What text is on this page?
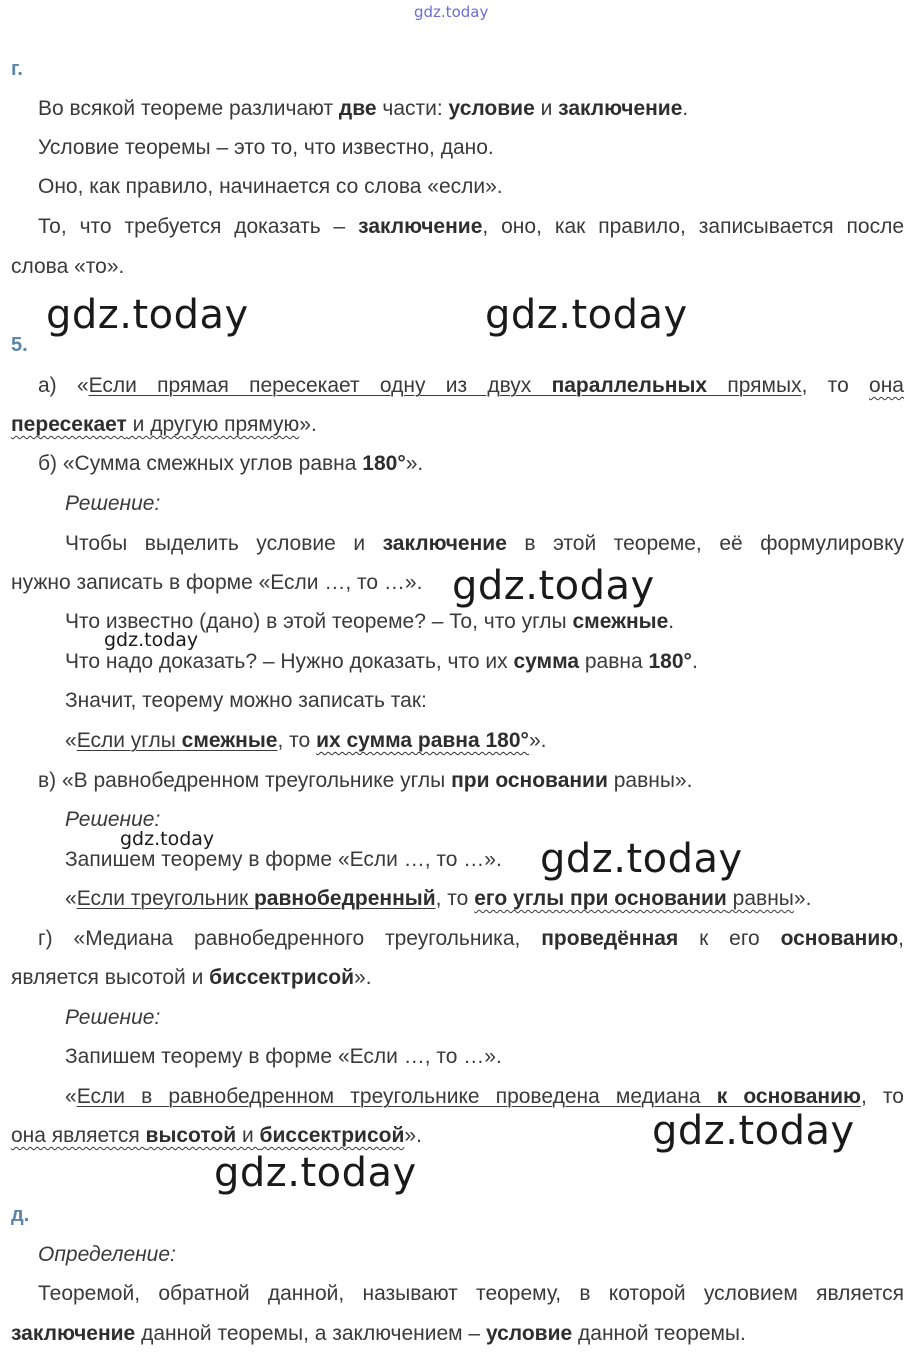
gdz.today
gdz.today	gdz.today
gdz.today
gdz.today
gdz.today	gdz.today
gdz.today
gdz.today
г.
Во всякой теореме различают две части: условие и заключение.
Условие теоремы – это то, что известно, дано.
Оно, как правило, начинается со слова «если».
То, что требуется доказать – заключение, оно, как правило, записывается после
слова «то».
5.
а) «Если прямая пересекает одну из двух параллельных прямых, то она
пересекает и другую прямую».
б) «Сумма смежных углов равна 180°».
Решение:
Чтобы выделить условие и заключение в этой теореме, её формулировку
нужно записать в форме «Если …, то …».
Что известно (дано) в этой теореме? – То, что углы смежные.
Что надо доказать? – Нужно доказать, что их сумма равна 180°.
Значит, теорему можно записать так:
«Если углы смежные, то их сумма равна 180°».
в) «В равнобедренном треугольнике углы при основании равны».
Решение:
Запишем теорему в форме «Если …, то …».
«Если треугольник равнобедренный, то его углы при основании равны».
г) «Медиана равнобедренного треугольника, проведённая к его основанию,
является высотой и биссектрисой».
Решение:
Запишем теорему в форме «Если …, то …».
«Если в равнобедренном треугольнике проведена медиана к основанию, то
она является высотой и биссектрисой».
д.
Определение:
Теоремой, обратной данной, называют теорему, в которой условием является
заключение данной теоремы, а заключением – условие данной теоремы.
